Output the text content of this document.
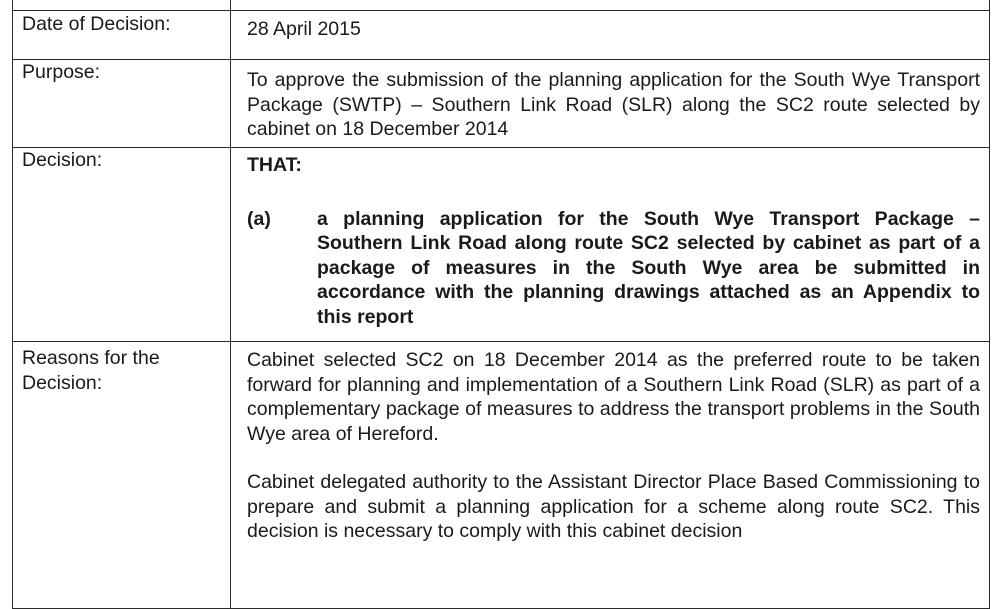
Date of Decision:	28 April 2015

Purpose:	To approve the submission of the planning application for the South Wye Transport Package (SWTP) – Southern Link Road (SLR) along the SC2 route selected by cabinet on 18 December 2014

Decision:	THAT:

(a) a planning application for the South Wye Transport Package – Southern Link Road along route SC2 selected by cabinet as part of a package of measures in the South Wye area be submitted in accordance with the planning drawings attached as an Appendix to this report

Reasons for the Decision:	Cabinet selected SC2 on 18 December 2014 as the preferred route to be taken forward for planning and implementation of a Southern Link Road (SLR) as part of a complementary package of measures to address the transport problems in the South Wye area of Hereford.

Cabinet delegated authority to the Assistant Director Place Based Commissioning to prepare and submit a planning application for a scheme along route SC2. This decision is necessary to comply with this cabinet decision
